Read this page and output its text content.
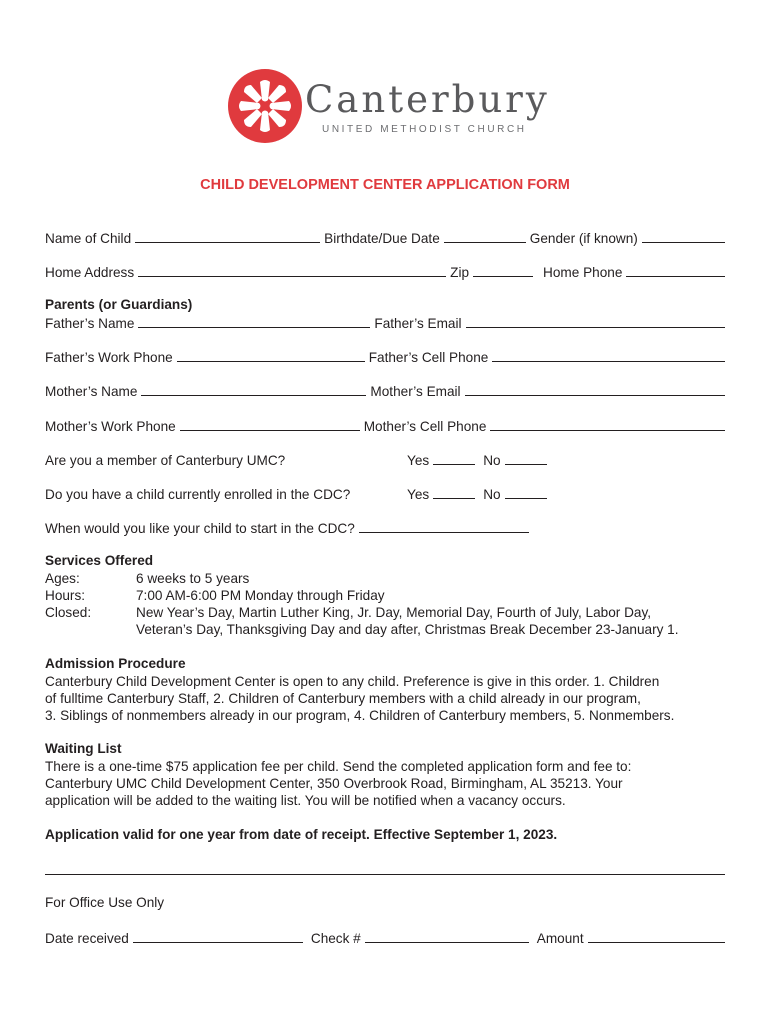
Canterbury
UNITED METHODIST CHURCH
CHILD DEVELOPMENT CENTER APPLICATION FORM
Name of Child	Birthdate/Due Date	Gender (if known)
Home Address	Zip	Home Phone
Parents (or Guardians)
Father’s Name	Father’s Email
Father’s Work Phone	Father’s Cell Phone
Mother’s Name	Mother’s Email
Mother’s Work Phone	Mother’s Cell Phone
Are you a member of Canterbury UMC?	Yes	No
Do you have a child currently enrolled in the CDC?	Yes	No
When would you like your child to start in the CDC?
Services Offered
Ages:	6 weeks to 5 years
Hours:	7:00 AM-6:00 PM Monday through Friday
Closed:	New Year’s Day, Martin Luther King, Jr. Day, Memorial Day, Fourth of July, Labor Day,
Veteran’s Day, Thanksgiving Day and day after, Christmas Break December 23-January 1.
Admission Procedure
Canterbury Child Development Center is open to any child. Preference is give in this order. 1. Children
of fulltime Canterbury Staff, 2. Children of Canterbury members with a child already in our program,
3. Siblings of nonmembers already in our program, 4. Children of Canterbury members, 5. Nonmembers.
Waiting List
There is a one-time $75 application fee per child. Send the completed application form and fee to:
Canterbury UMC Child Development Center, 350 Overbrook Road, Birmingham, AL 35213. Your
application will be added to the waiting list. You will be notified when a vacancy occurs.
Application valid for one year from date of receipt. Effective September 1, 2023.
For Office Use Only
Date received	Check #	Amount
